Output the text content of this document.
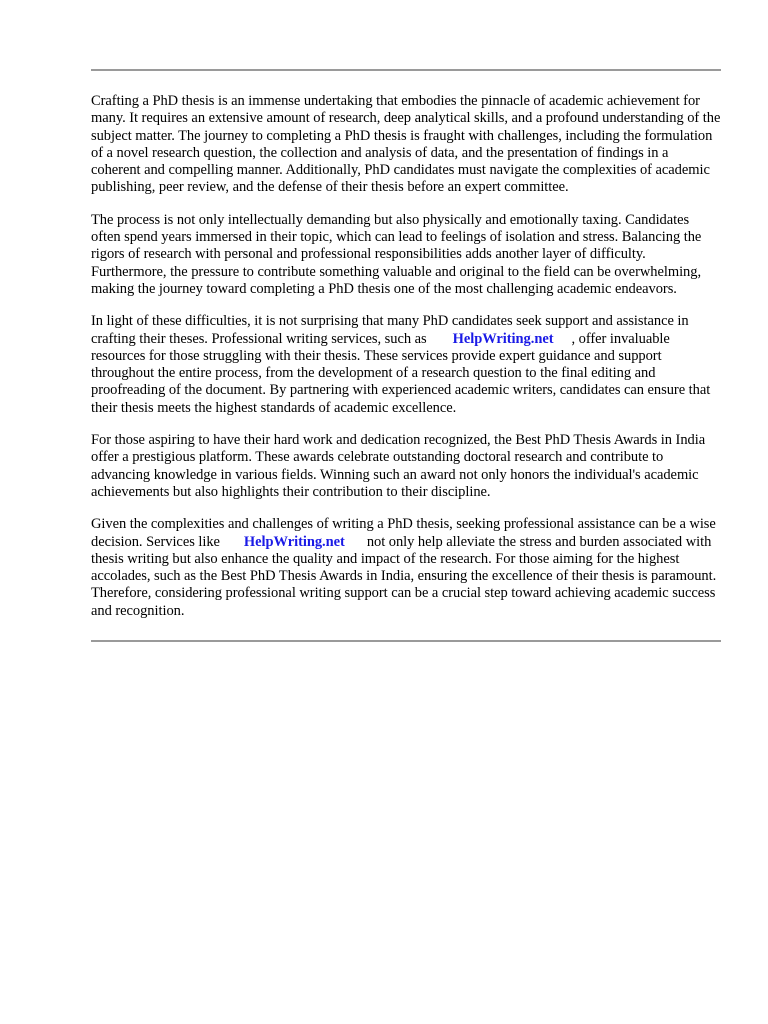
Crafting a PhD thesis is an immense undertaking that embodies the pinnacle of academic achievement for many. It requires an extensive amount of research, deep analytical skills, and a profound understanding of the subject matter. The journey to completing a PhD thesis is fraught with challenges, including the formulation of a novel research question, the collection and analysis of data, and the presentation of findings in a coherent and compelling manner. Additionally, PhD candidates must navigate the complexities of academic publishing, peer review, and the defense of their thesis before an expert committee.

The process is not only intellectually demanding but also physically and emotionally taxing. Candidates often spend years immersed in their topic, which can lead to feelings of isolation and stress. Balancing the rigors of research with personal and professional responsibilities adds another layer of difficulty. Furthermore, the pressure to contribute something valuable and original to the field can be overwhelming, making the journey toward completing a PhD thesis one of the most challenging academic endeavors.

In light of these difficulties, it is not surprising that many PhD candidates seek support and assistance in crafting their theses. Professional writing services, such as HelpWriting.net , offer invaluable resources for those struggling with their thesis. These services provide expert guidance and support throughout the entire process, from the development of a research question to the final editing and proofreading of the document. By partnering with experienced academic writers, candidates can ensure that their thesis meets the highest standards of academic excellence.

For those aspiring to have their hard work and dedication recognized, the Best PhD Thesis Awards in India offer a prestigious platform. These awards celebrate outstanding doctoral research and contribute to advancing knowledge in various fields. Winning such an award not only honors the individual's academic achievements but also highlights their contribution to their discipline.

Given the complexities and challenges of writing a PhD thesis, seeking professional assistance can be a wise decision. Services like HelpWriting.net not only help alleviate the stress and burden associated with thesis writing but also enhance the quality and impact of the research. For those aiming for the highest accolades, such as the Best PhD Thesis Awards in India, ensuring the excellence of their thesis is paramount. Therefore, considering professional writing support can be a crucial step toward achieving academic success and recognition.
